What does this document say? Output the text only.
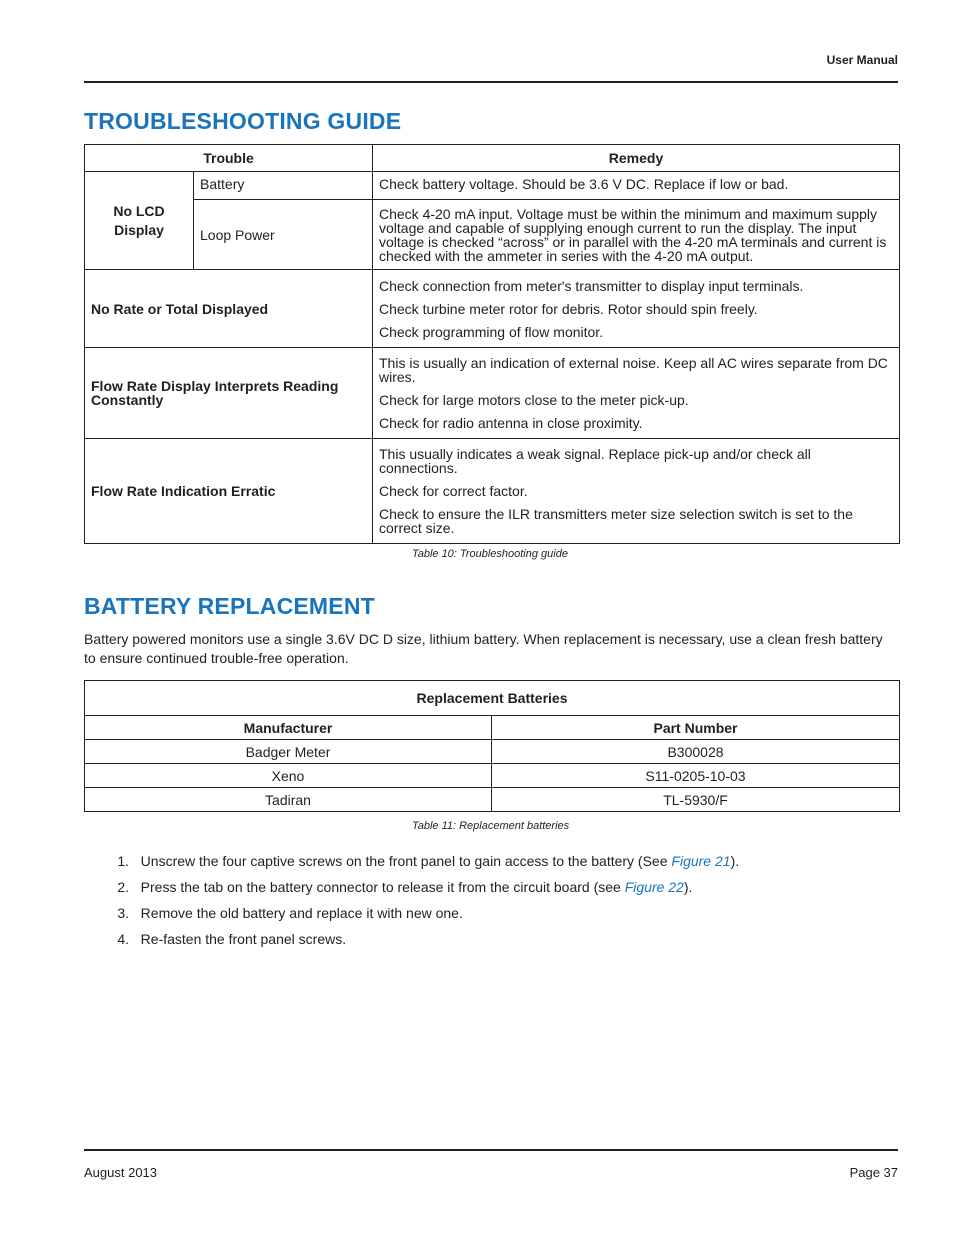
User Manual
TROUBLESHOOTING GUIDE
Trouble		Remedy
No LCD
Display	Battery	Check battery voltage. Should be 3.6 V DC. Replace if low or bad.
	Loop Power	Check 4-20 mA input. Voltage must be within the minimum and maximum supply voltage and capable of supplying enough current to run the display. The input voltage is checked “across” or in parallel with the 4-20 mA terminals and current is checked with the ammeter in series with the 4-20 mA output.

No Rate or Total Displayed		Check connection from meter's transmitter to display input terminals.

Check turbine meter rotor for debris. Rotor should spin freely.

Check programming of flow monitor.

Flow Rate Display Interprets Reading Constantly		This is usually an indication of external noise. Keep all AC wires separate from DC wires.

Check for large motors close to the meter pick-up.

Check for radio antenna in close proximity.

Flow Rate Indication Erratic		This usually indicates a weak signal. Replace pick-up and/or check all connections.

Check for correct factor.

Check to ensure the ILR transmitters meter size selection switch is set to the correct size.

Table 10: Troubleshooting guide
BATTERY REPLACEMENT

Battery powered monitors use a single 3.6V DC D size, lithium battery. When replacement is necessary, use a clean fresh battery to ensure continued trouble-free operation.

Replacement Batteries	
Manufacturer	Part Number
Badger Meter	B300028
Xeno	S11-0205-10-03
Tadiran	TL-5930/F
Table 11: Replacement batteries
1. Unscrew the four captive screws on the front panel to gain access to the battery (See Figure 21).
2. Press the tab on the battery connector to release it from the circuit board (see Figure 22).
3. Remove the old battery and replace it with new one.
4. Re-fasten the front panel screws.
August 2013	Page 37
